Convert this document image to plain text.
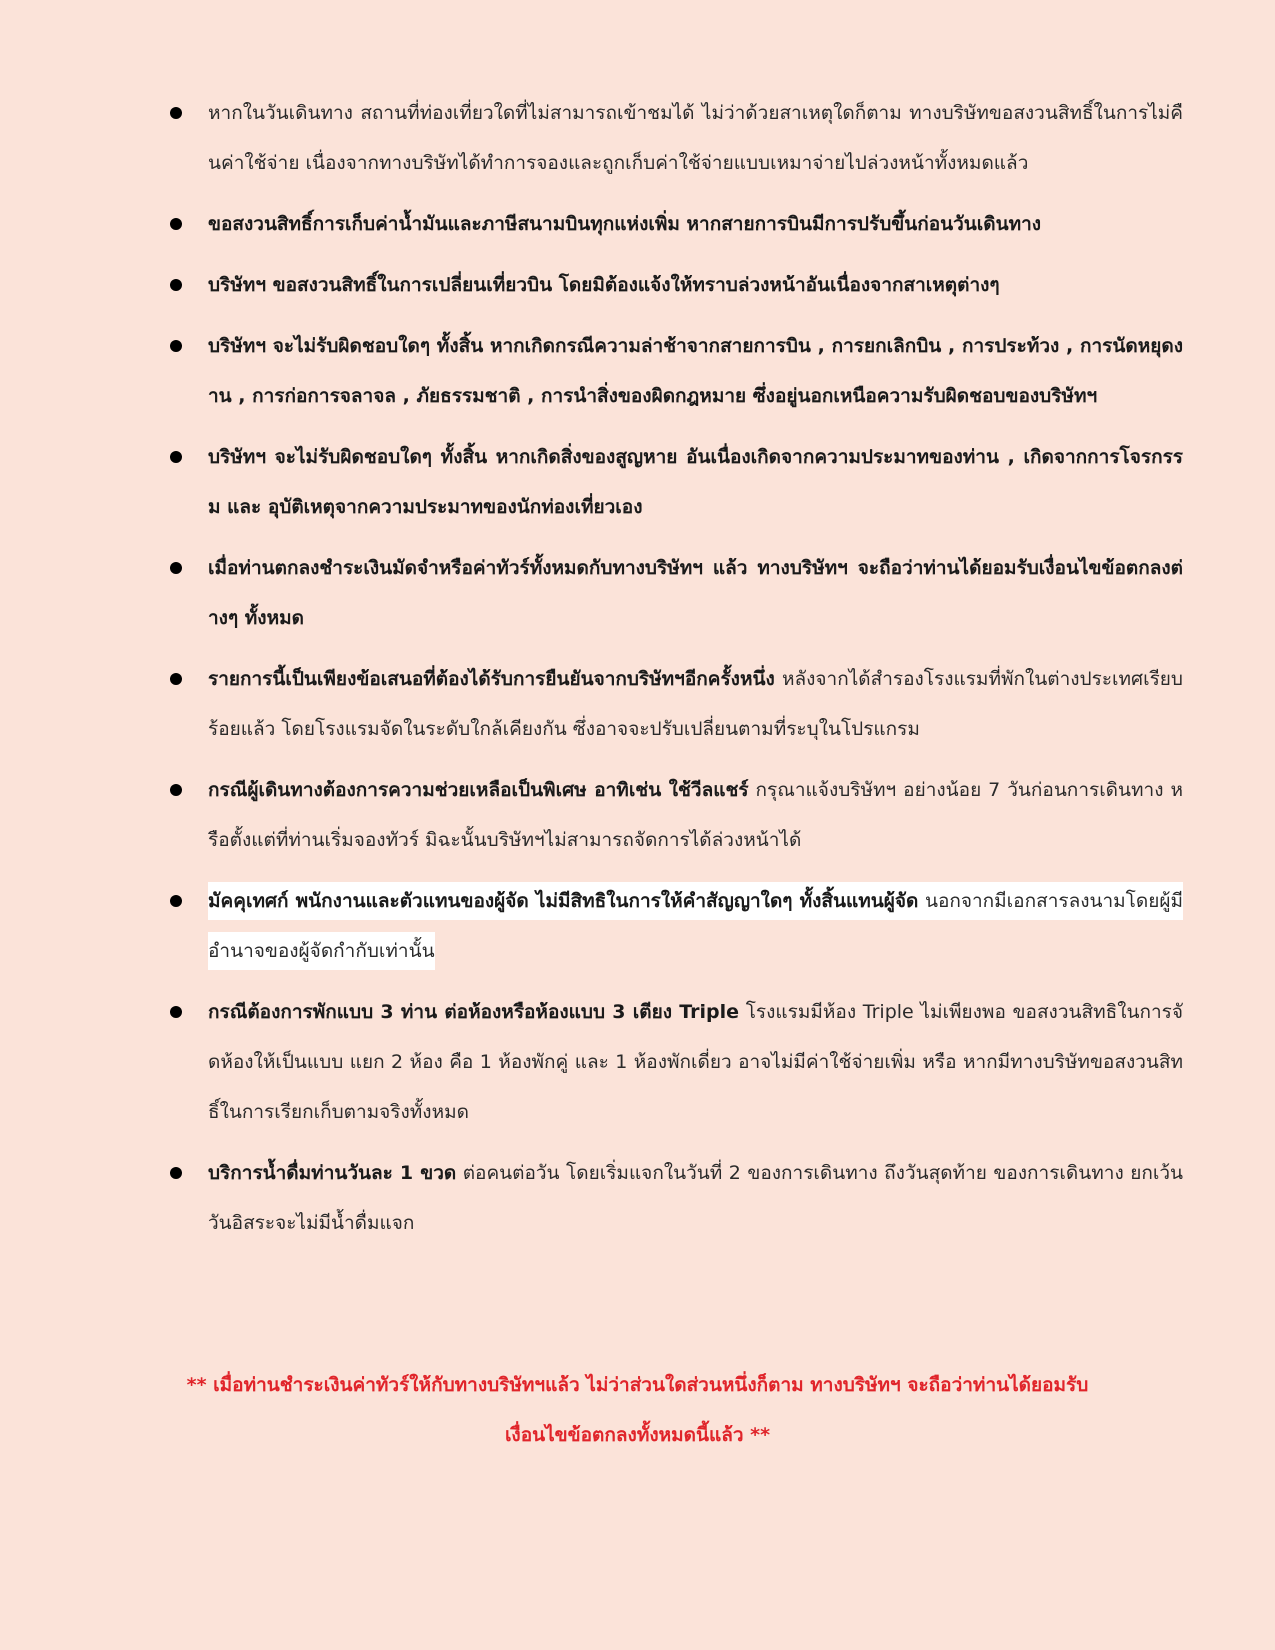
หากในวันเดินทาง สถานที่ท่องเที่ยวใดที่ไม่สามารถเข้าชมได้ ไม่ว่าด้วยสาเหตุใดก็ตาม ทางบริษัทขอสงวนสิทธิ์ในการไม่คืนค่าใช้จ่าย เนื่องจากทางบริษัทได้ทำการจองและถูกเก็บค่าใช้จ่ายแบบเหมาจ่ายไปล่วงหน้าทั้งหมดแล้ว
ขอสงวนสิทธิ์การเก็บค่าน้ำมันและภาษีสนามบินทุกแห่งเพิ่ม หากสายการบินมีการปรับขึ้นก่อนวันเดินทาง
บริษัทฯ ขอสงวนสิทธิ์ในการเปลี่ยนเที่ยวบิน โดยมิต้องแจ้งให้ทราบล่วงหน้าอันเนื่องจากสาเหตุต่างๆ
บริษัทฯ จะไม่รับผิดชอบใดๆ ทั้งสิ้น หากเกิดกรณีความล่าช้าจากสายการบิน , การยกเลิกบิน , การประท้วง , การนัดหยุดงาน , การก่อการจลาจล , ภัยธรรมชาติ , การนำสิ่งของผิดกฎหมาย ซึ่งอยู่นอกเหนือความรับผิดชอบของบริษัทฯ
บริษัทฯ จะไม่รับผิดชอบใดๆ ทั้งสิ้น หากเกิดสิ่งของสูญหาย อันเนื่องเกิดจากความประมาทของท่าน , เกิดจากการโจรกรรม และ อุบัติเหตุจากความประมาทของนักท่องเที่ยวเอง
เมื่อท่านตกลงชำระเงินมัดจำหรือค่าทัวร์ทั้งหมดกับทางบริษัทฯ แล้ว ทางบริษัทฯ จะถือว่าท่านได้ยอมรับเงื่อนไขข้อตกลงต่างๆ ทั้งหมด
รายการนี้เป็นเพียงข้อเสนอที่ต้องได้รับการยืนยันจากบริษัทฯอีกครั้งหนึ่ง หลังจากได้สำรองโรงแรมที่พักในต่างประเทศเรียบร้อยแล้ว โดยโรงแรมจัดในระดับใกล้เคียงกัน ซึ่งอาจจะปรับเปลี่ยนตามที่ระบุในโปรแกรม
กรณีผู้เดินทางต้องการความช่วยเหลือเป็นพิเศษ อาทิเช่น ใช้วีลแชร์ กรุณาแจ้งบริษัทฯ อย่างน้อย 7 วันก่อนการเดินทาง หรือตั้งแต่ที่ท่านเริ่มจองทัวร์ มิฉะนั้นบริษัทฯไม่สามารถจัดการได้ล่วงหน้าได้
มัคคุเทศก์ พนักงานและตัวแทนของผู้จัด ไม่มีสิทธิในการให้คำสัญญาใดๆ ทั้งสิ้นแทนผู้จัด นอกจากมีเอกสารลงนามโดยผู้มีอำนาจของผู้จัดกำกับเท่านั้น
กรณีต้องการพักแบบ 3 ท่าน ต่อห้องหรือห้องแบบ 3 เตียง Triple โรงแรมมีห้อง Triple ไม่เพียงพอ ขอสงวนสิทธิในการจัดห้องให้เป็นแบบ แยก 2 ห้อง คือ 1 ห้องพักคู่ และ 1 ห้องพักเดี่ยว อาจไม่มีค่าใช้จ่ายเพิ่ม หรือ หากมีทางบริษัทขอสงวนสิทธิ์ในการเรียกเก็บตามจริงทั้งหมด
บริการน้ำดื่มท่านวันละ 1 ขวด ต่อคนต่อวัน โดยเริ่มแจกในวันที่ 2 ของการเดินทาง ถึงวันสุดท้าย ของการเดินทาง ยกเว้นวันอิสระจะไม่มีน้ำดื่มแจก
** เมื่อท่านชำระเงินค่าทัวร์ให้กับทางบริษัทฯแล้ว ไม่ว่าส่วนใดส่วนหนึ่งก็ตาม ทางบริษัทฯ จะถือว่าท่านได้ยอมรับ
เงื่อนไขข้อตกลงทั้งหมดนี้แล้ว **
